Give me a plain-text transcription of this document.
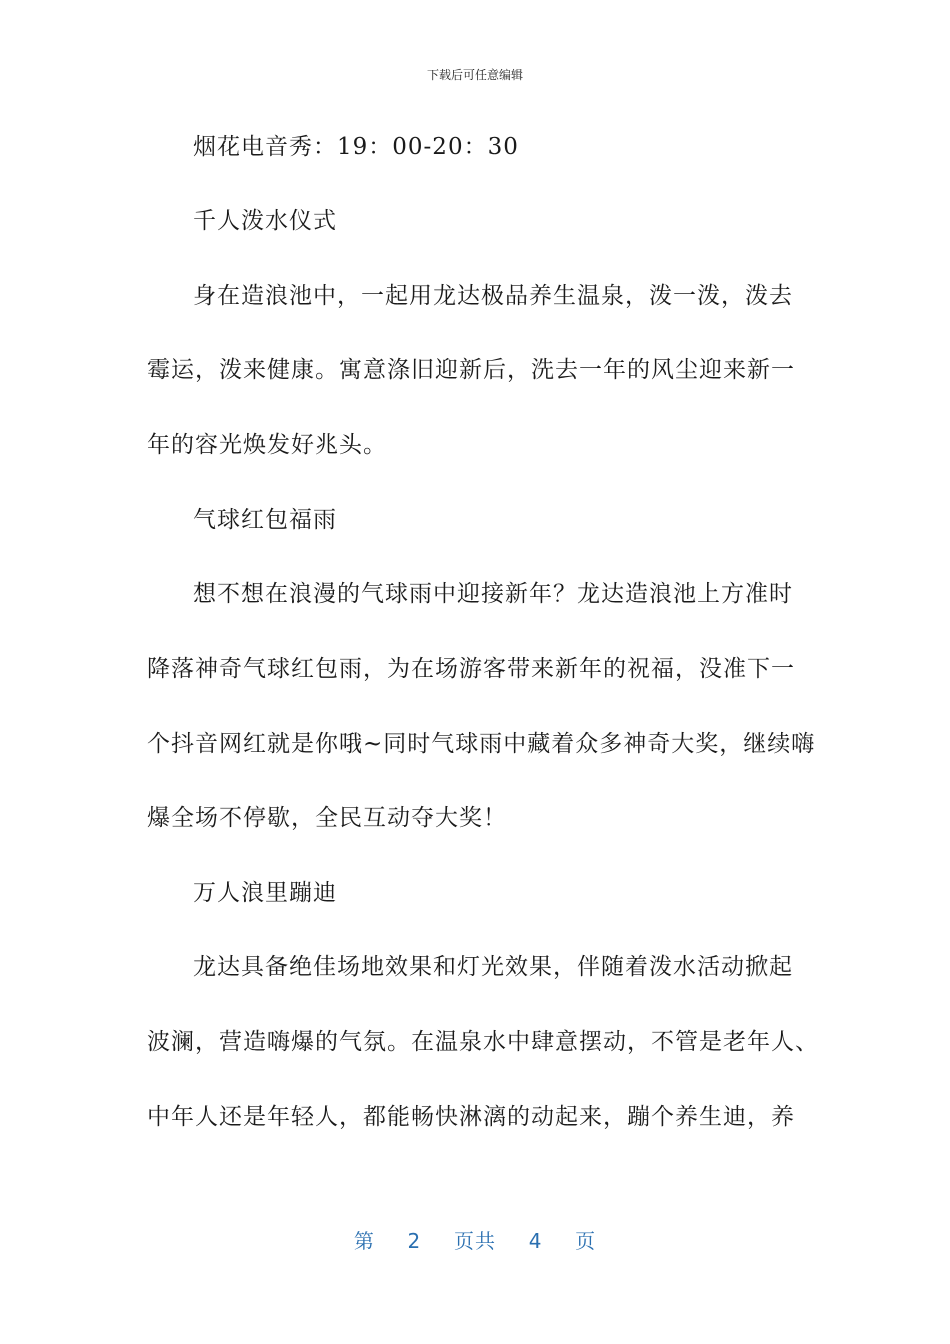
下载后可任意编辑
烟花电音秀：19：00-20：30
千人泼水仪式
身在造浪池中，一起用龙达极品养生温泉，泼一泼，泼去
霉运，泼来健康。寓意涤旧迎新后，洗去一年的风尘迎来新一
年的容光焕发好兆头。
气球红包福雨
想不想在浪漫的气球雨中迎接新年？龙达造浪池上方准时
降落神奇气球红包雨，为在场游客带来新年的祝福，没准下一
个抖音网红就是你哦~同时气球雨中藏着众多神奇大奖，继续嗨
爆全场不停歇，全民互动夺大奖！
万人浪里蹦迪
龙达具备绝佳场地效果和灯光效果，伴随着泼水活动掀起
波澜，营造嗨爆的气氛。在温泉水中肆意摆动，不管是老年人、
中年人还是年轻人，都能畅快淋漓的动起来，蹦个养生迪，养
第 2 页共 4 页
